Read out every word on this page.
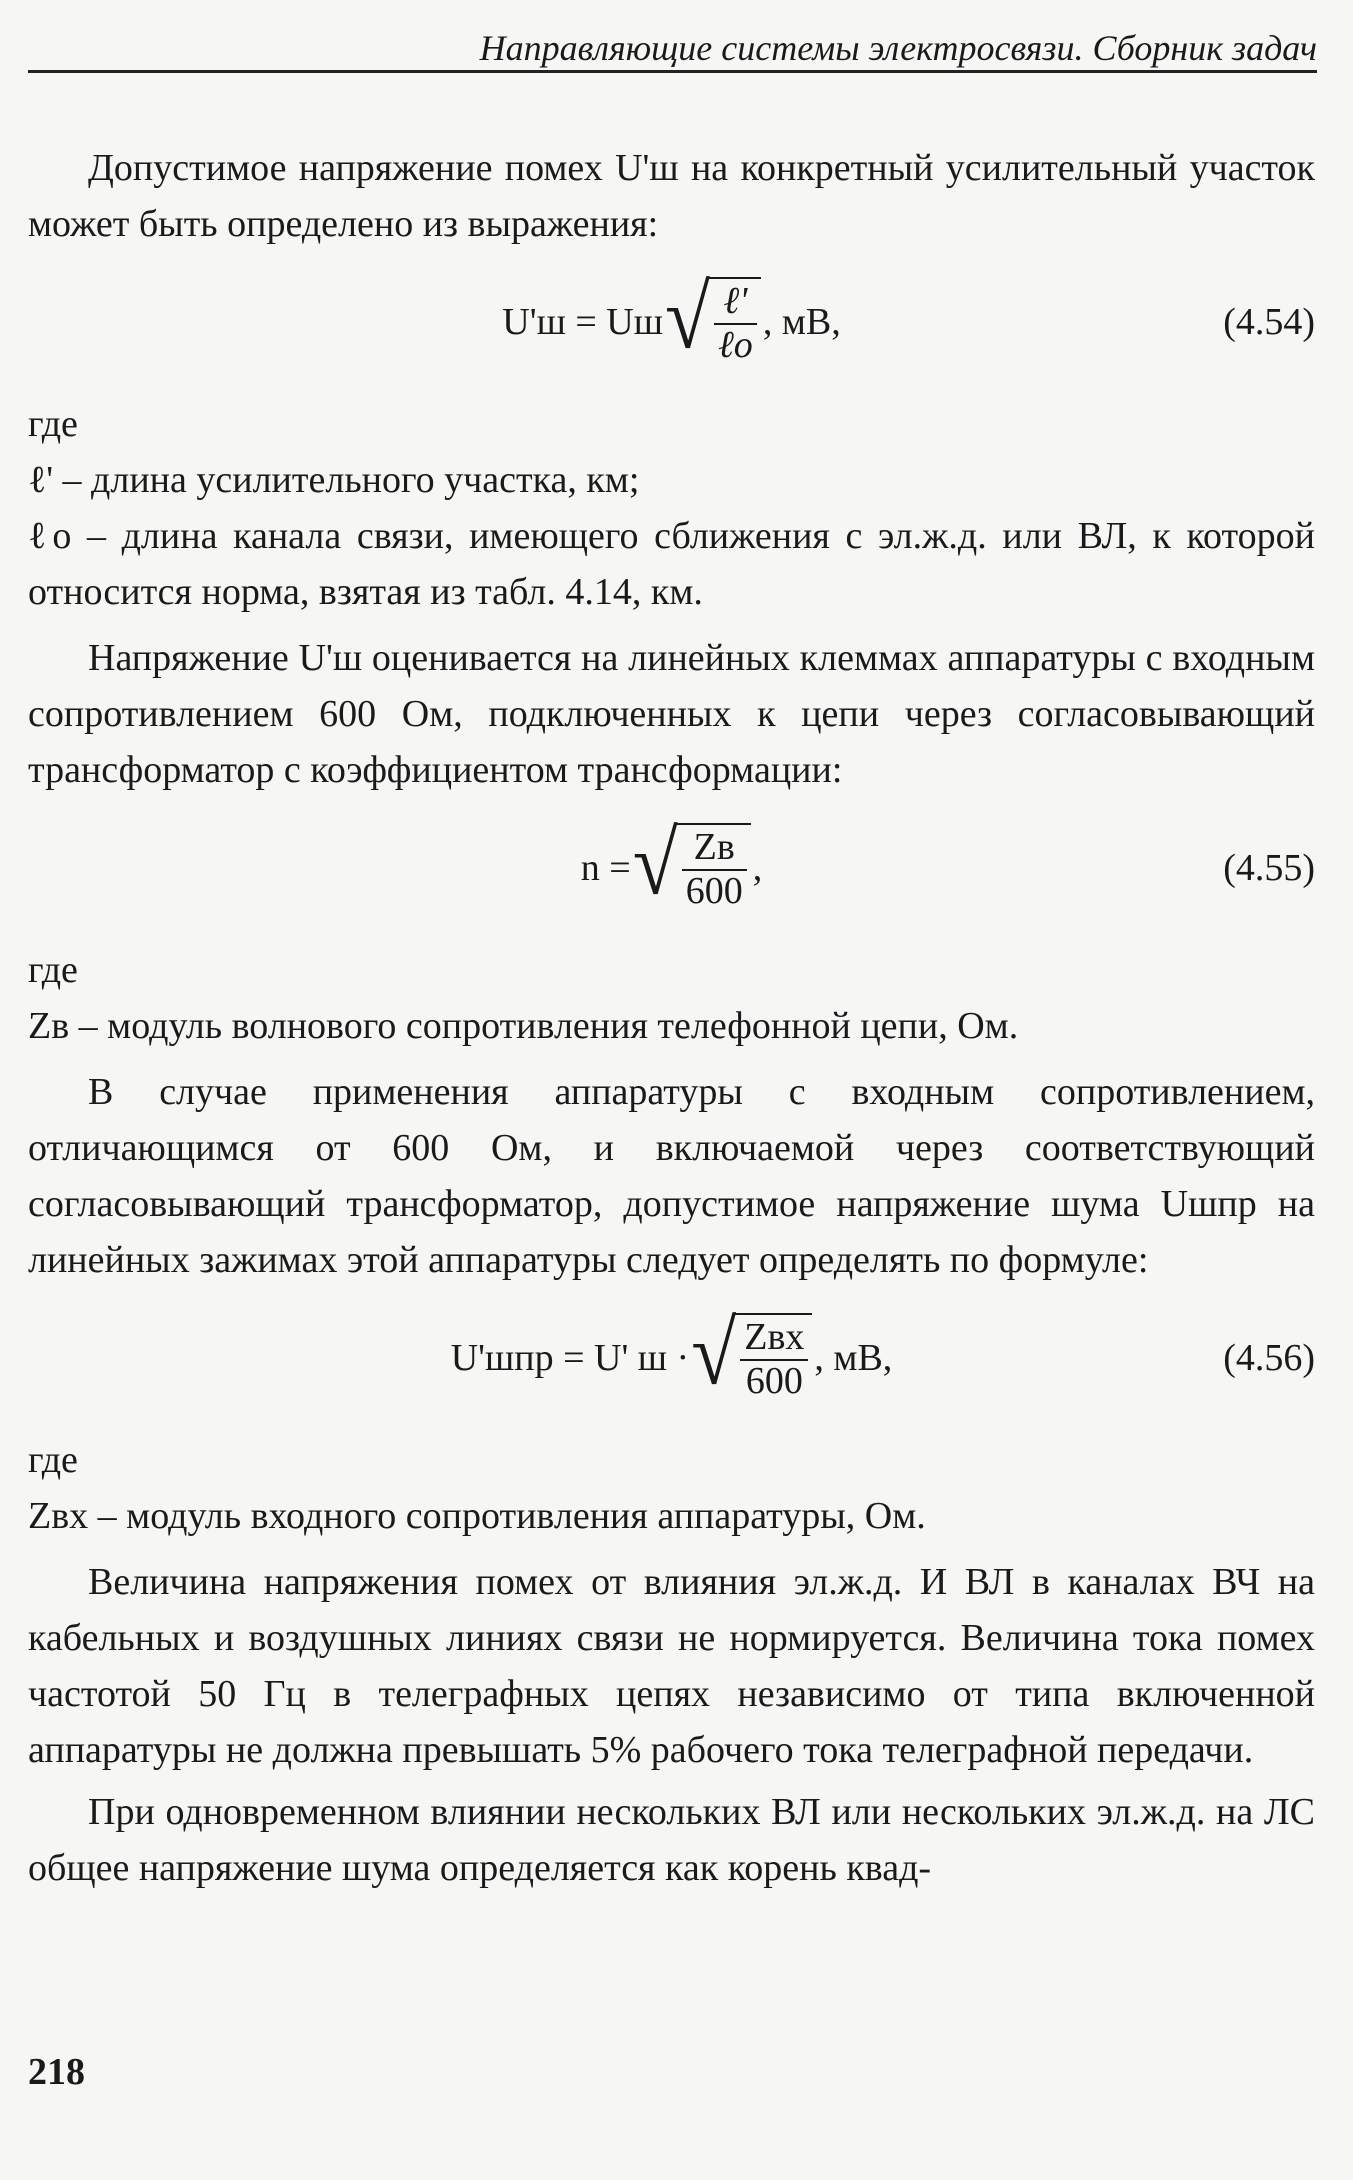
Направляющие системы электросвязи. Сборник задач

Допустимое напряжение помех U'ш на конкретный усилительный участок может быть определено из выражения:

U'ш = Uш √ $\frac{\text{ℓ'}}{\text{ℓо}}$ , мВ,	(4.54)

где

ℓ' – длина усилительного участка, км;

ℓо – длина канала связи, имеющего сближения с эл.ж.д. или ВЛ, к которой относится норма, взятая из табл. 4.14, км.

Напряжение U'ш оценивается на линейных клеммах аппаратуры с входным сопротивлением 600 Ом, подключенных к цепи через согласовывающий трансформатор с коэффициентом трансформации:

n = √ $\frac{Zв}{600}$ ,	(4.55)

где

Zв – модуль волнового сопротивления телефонной цепи, Ом.

В случае применения аппаратуры с входным сопротивлением, отличающимся от 600 Ом, и включаемой через соответствующий согласовывающий трансформатор, допустимое напряжение шума Uшпр на линейных зажимах этой аппаратуры следует определять по формуле:

U'шпр = U' ш · √ $\frac{\text{Zвх}}{600}$ , мВ,	(4.56)

где

Zвх – модуль входного сопротивления аппаратуры, Ом.

Величина напряжения помех от влияния эл.ж.д. И ВЛ в каналах ВЧ на кабельных и воздушных линиях связи не нормируется. Величина тока помех частотой 50 Гц в телеграфных цепях независимо от типа включенной аппаратуры не должна превышать 5% рабочего тока телеграфной передачи.

При одновременном влиянии нескольких ВЛ или нескольких эл.ж.д. на ЛС общее напряжение шума определяется как корень квад-

218
